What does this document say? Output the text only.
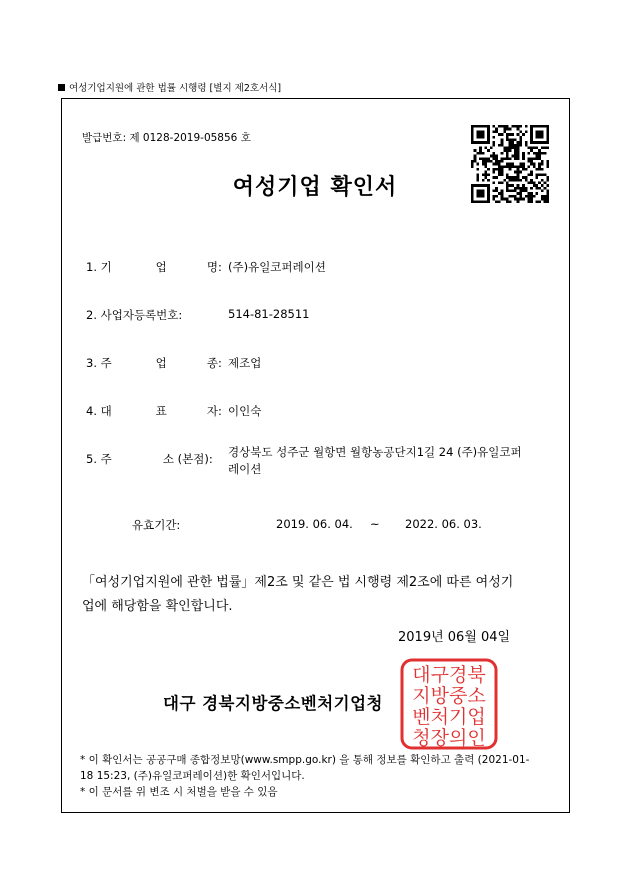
여성기업지원에 관한 법률 시행령 [별지 제2호서식]
발급번호: 제 0128-2019-05856 호
여성기업 확인서
1. 기            업           명: (주)유일코퍼레이션
2. 사업자등록번호:	514-81-28511
3. 주            업           종: 제조업
4. 대            표           자: 이인숙
5. 주              소 (본점): 경상북도 성주군 월항면 월항농공단지1길 24 (주)유일코퍼레이션
유효기간:	2019. 06. 04. ~ 2022. 06. 03.
「여성기업지원에 관한 법률」제2조 및 같은 법 시행령 제2조에 따른 여성기업에 해당함을 확인합니다.
2019년 06월 04일
대구 경북지방중소벤처기업청
대구경북
지방중소
벤처기업
청장의인
* 이 확인서는 공공구매 종합정보망(www.smpp.go.kr) 을 통해 정보를 확인하고 출력 (2021-01-18 15:23, (주)유일코퍼레이션)한 확인서입니다.
* 이 문서를 위 변조 시 처벌을 받을 수 있음
